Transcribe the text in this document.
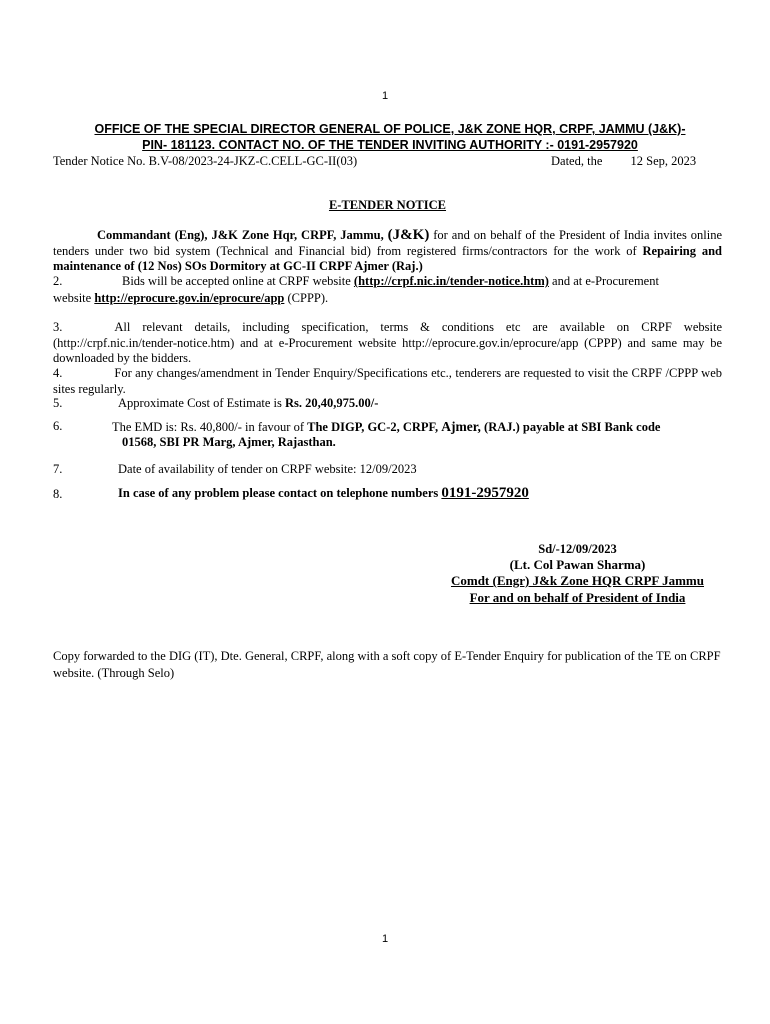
1
OFFICE OF THE SPECIAL DIRECTOR GENERAL OF POLICE, J&K ZONE HQR, CRPF, JAMMU (J&K)-
PIN- 181123. CONTACT NO. OF THE TENDER INVITING AUTHORITY :- 0191-2957920
Tender Notice No. B.V-08/2023-24-JKZ-C.CELL-GC-II(03)	Dated, the 12 Sep, 2023
E-TENDER NOTICE
Commandant (Eng), J&K Zone Hqr, CRPF, Jammu, (J&K) for and on behalf of the President of India invites online tenders under two bid system (Technical and Financial bid) from registered firms/contractors for the work of Repairing and maintenance of (12 Nos) SOs Dormitory at GC-II CRPF Ajmer (Raj.)
2.	Bids will be accepted online at CRPF website (http://crpf.nic.in/tender-notice.htm) and at e-Procurement
website http://eprocure.gov.in/eprocure/app (CPPP).
3.	All relevant details, including specification, terms & conditions etc are available on CRPF website (http://crpf.nic.in/tender-notice.htm) and at e-Procurement website http://eprocure.gov.in/eprocure/app (CPPP) and same may be downloaded by the bidders.
4.	For any changes/amendment in Tender Enquiry/Specifications etc., tenderers are requested to visit the CRPF /CPPP web sites regularly.
5.	Approximate Cost of Estimate is Rs. 20,40,975.00/-
6.	The EMD is: Rs. 40,800/- in favour of The DIGP, GC-2, CRPF, Ajmer, (RAJ.) payable at SBI Bank code
01568, SBI PR Marg, Ajmer, Rajasthan.
7.	Date of availability of tender on CRPF website: 12/09/2023
8.	In case of any problem please contact on telephone numbers 0191-2957920
Sd/-12/09/2023
(Lt. Col Pawan Sharma)
Comdt (Engr) J&k Zone HQR CRPF Jammu
For and on behalf of President of India
Copy forwarded to the DIG (IT), Dte. General, CRPF, along with a soft copy of E-Tender Enquiry for publication of the TE on CRPF website. (Through Selo)
1
